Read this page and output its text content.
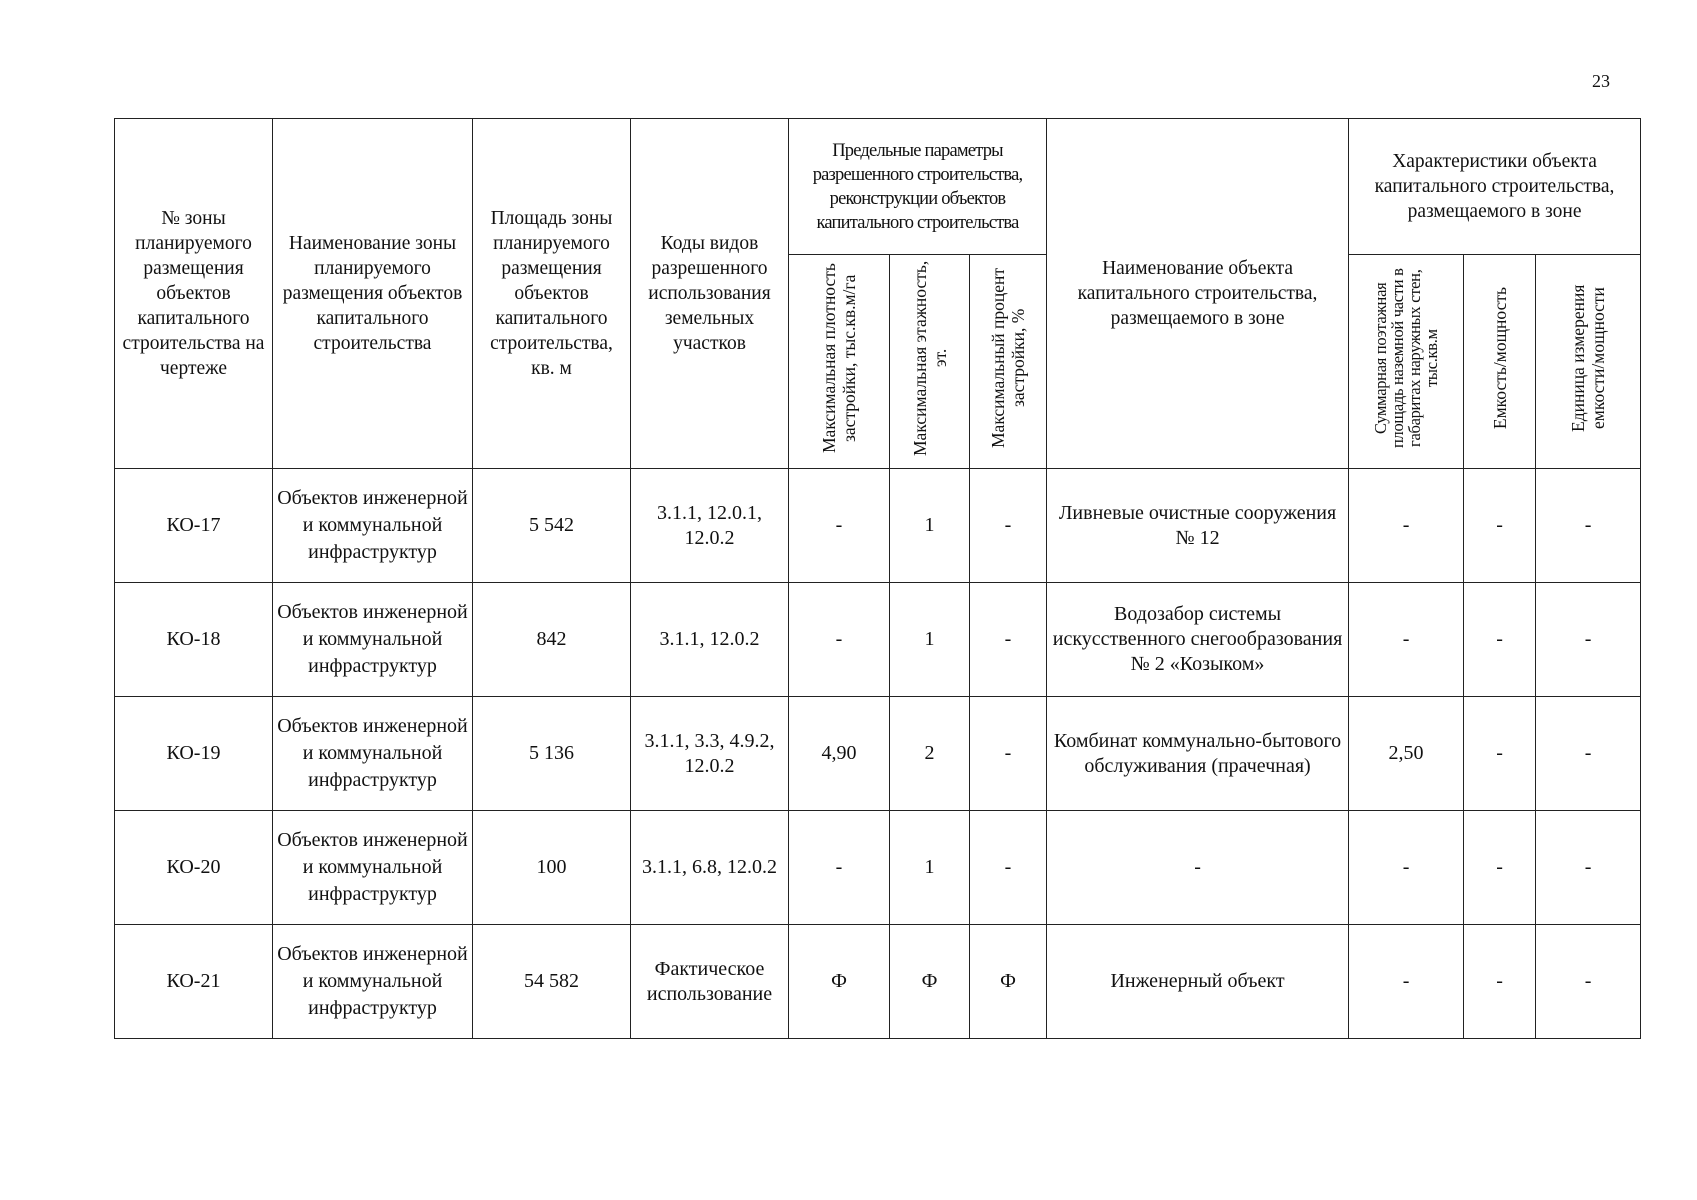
23
№ зоны планируемого размещения объектов капитального строительства на чертеже	Наименование зоны планируемого размещения объектов капитального строительства	Площадь зоны планируемого размещения объектов капитального строительства, кв. м	Коды видов разрешенного использования земельных участков	Предельные параметры разрешенного строительства, реконструкции объектов капитального строительства			Наименование объекта капитального строительства, размещаемого в зоне	Характеристики объекта капитального строительства, размещаемого в зоне		
				Максимальная плотность застройки, тыс.кв.м/га	Максимальная этажность, эт.	Максимальный процент застройки, %		Суммарная поэтажная площадь наземной части в габаритах наружных стен, тыс.кв.м	Емкость/мощность	Единица измерения емкости/мощности
КО-17	Объектов инженерной и коммунальной инфраструктур	5 542	3.1.1, 12.0.1, 12.0.2	-	1	-	Ливневые очистные сооружения № 12	-	-	-
КО-18	Объектов инженерной и коммунальной инфраструктур	842	3.1.1, 12.0.2	-	1	-	Водозабор системы искусственного снегообразования № 2 «Козыком»	-	-	-
КО-19	Объектов инженерной и коммунальной инфраструктур	5 136	3.1.1, 3.3, 4.9.2, 12.0.2	4,90	2	-	Комбинат коммунально-бытового обслуживания (прачечная)	2,50	-	-
КО-20	Объектов инженерной и коммунальной инфраструктур	100	3.1.1, 6.8, 12.0.2	-	1	-	-	-	-	-
КО-21	Объектов инженерной и коммунальной инфраструктур	54 582	Фактическое использование	Ф	Ф	Ф	Инженерный объект	-	-	-
